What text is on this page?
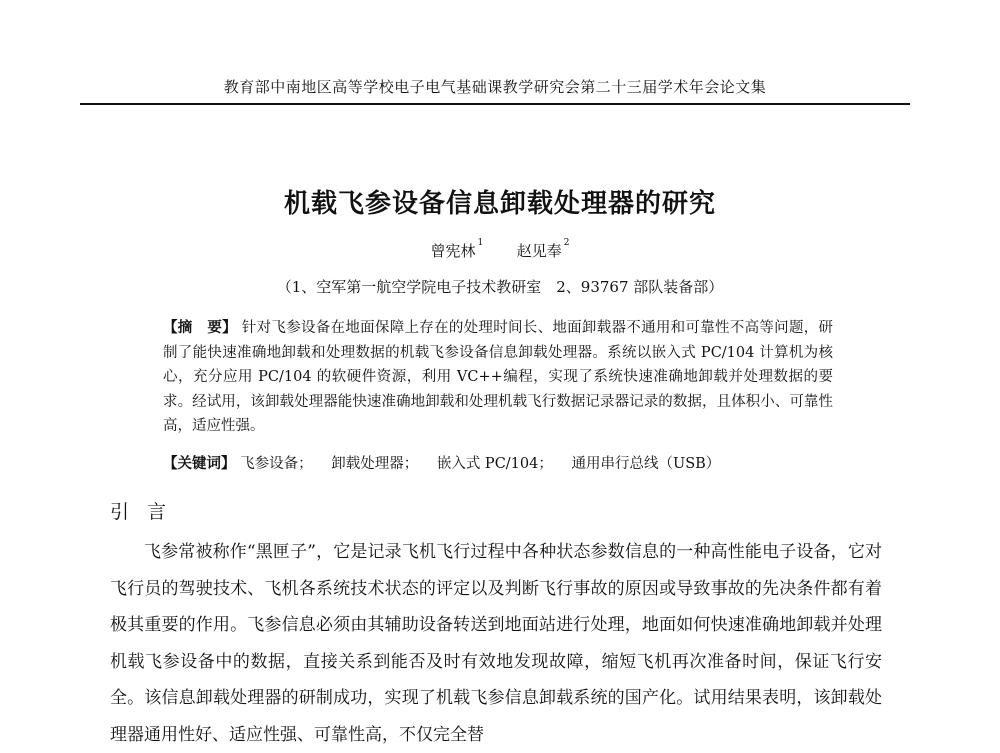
教育部中南地区高等学校电子电气基础课教学研究会第二十三届学术年会论文集
机载飞参设备信息卸载处理器的研究
曾宪林 $^1$ 赵见奉 $^2$
（1、空军第一航空学院电子技术教研室　2、93767 部队装备部）

【摘　要】 针对飞参设备在地面保障上存在的处理时间长、地面卸载器不通用和可靠性不高等问题，研制了能快速准确地卸载和处理数据的机载飞参设备信息卸载处理器。系统以嵌入式 PC/104 计算机为核心，充分应用 PC/104 的软硬件资源，利用 VC++编程，实现了系统快速准确地卸载并处理数据的要求。经试用，该卸载处理器能快速准确地卸载和处理机载飞行数据记录器记录的数据，且体积小、可靠性高，适应性强。

【关键词】 飞参设备； 卸载处理器； 嵌入式 PC/104； 通用串行总线（USB）
引 言

飞参常被称作“黑匣子”，它是记录飞机飞行过程中各种状态参数信息的一种高性能电子设备，它对飞行员的驾驶技术、飞机各系统技术状态的评定以及判断飞行事故的原因或导致事故的先决条件都有着极其重要的作用。飞参信息必须由其辅助设备转送到地面站进行处理，地面如何快速准确地卸载并处理机载飞参设备中的数据，直接关系到能否及时有效地发现故障，缩短飞机再次准备时间，保证飞行安全。该信息卸载处理器的研制成功，实现了机载飞参信息卸载系统的国产化。试用结果表明，该卸载处理器通用性好、适应性强、可靠性高，不仅完全替
